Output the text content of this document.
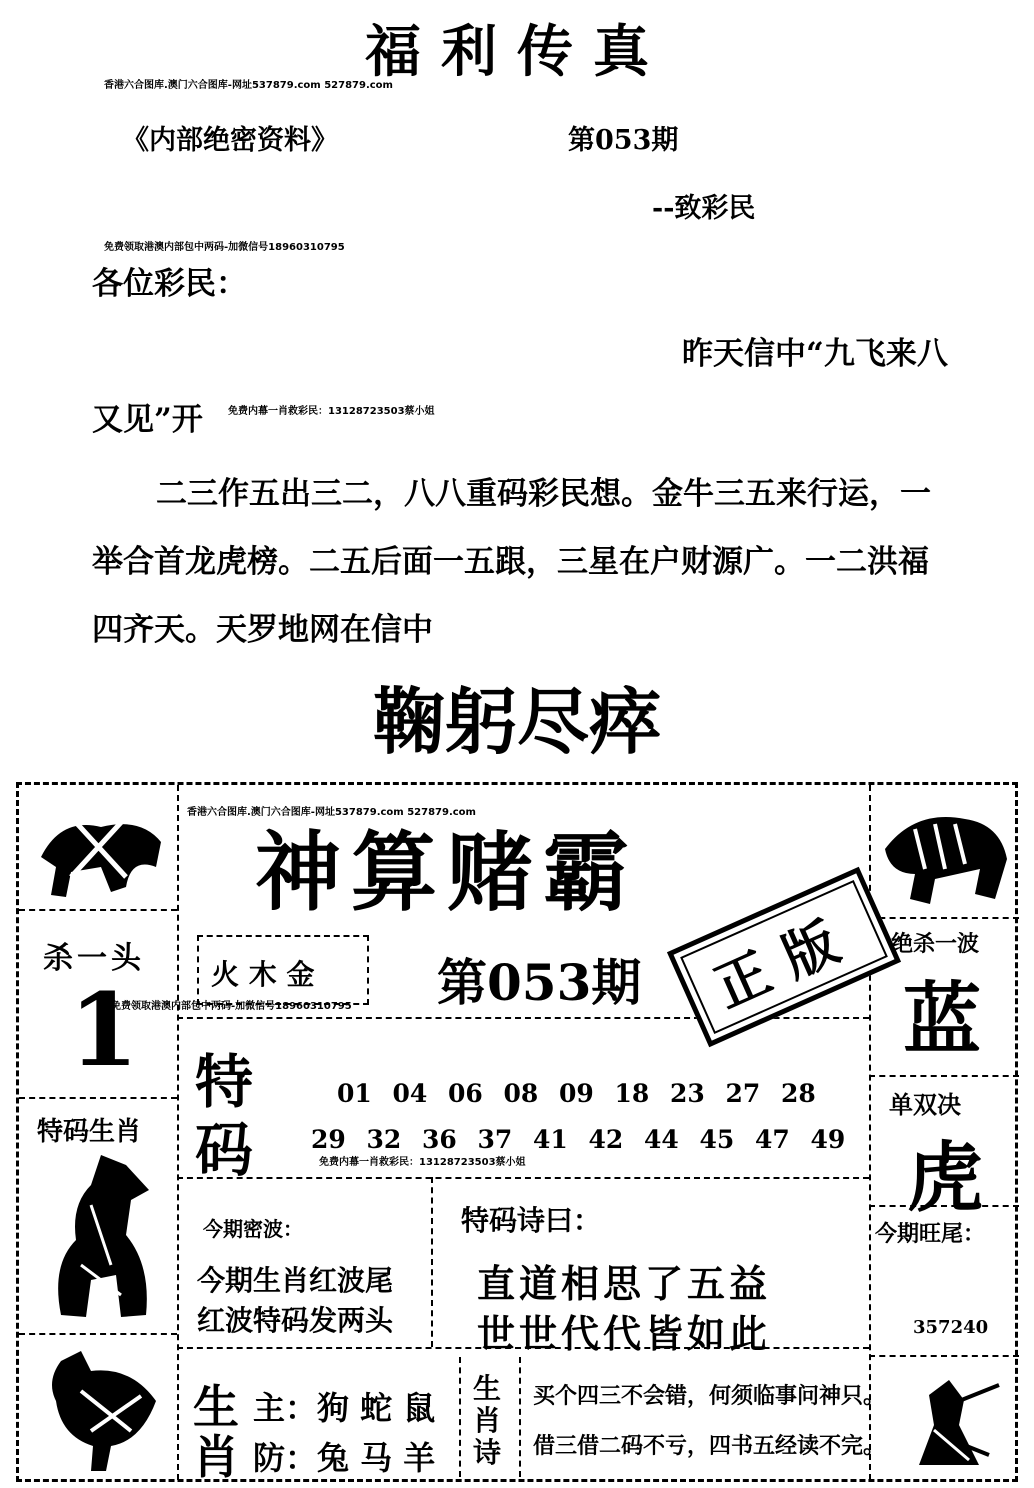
福利传真
香港六合图库.澳门六合图库-网址537879.com 527879.com
《内部绝密资料》	第053期
--致彩民
免费领取港澳内部包中两码-加微信号18960310795
各位彩民：
昨天信中“九飞来八
又见”开	免费内幕一肖救彩民：13128723503蔡小姐
二三作五出三二，八八重码彩民想。金牛三五来行运，一
举合首龙虎榜。二五后面一五跟，三星在户财源广。一二洪福
四齐天。天罗地网在信中
鞠躬尽瘁
香港六合图库.澳门六合图库-网址537879.com 527879.com
神算赌霸
杀一头
1
特码生肖
火 木 金 第053期
免费领取港澳内部包中两码-加微信号18960310795	正版	绝杀一波
蓝
单双决
虎
今期旺尾：
357240
特
码
01 04 06 08 09 18 23 27 28
29 32 36 37 41 42 44 45 47 49
免费内幕一肖救彩民：13128723503蔡小姐
今期密波：
今期生肖红波尾
红波特码发两头
特码诗曰：
直道相思了五益
世世代代皆如此
生
肖
主：狗 蛇 鼠
防：兔 马 羊
生肖诗
买个四三不会错，何须临事问神只。
借三借二码不亏，四书五经读不完。
